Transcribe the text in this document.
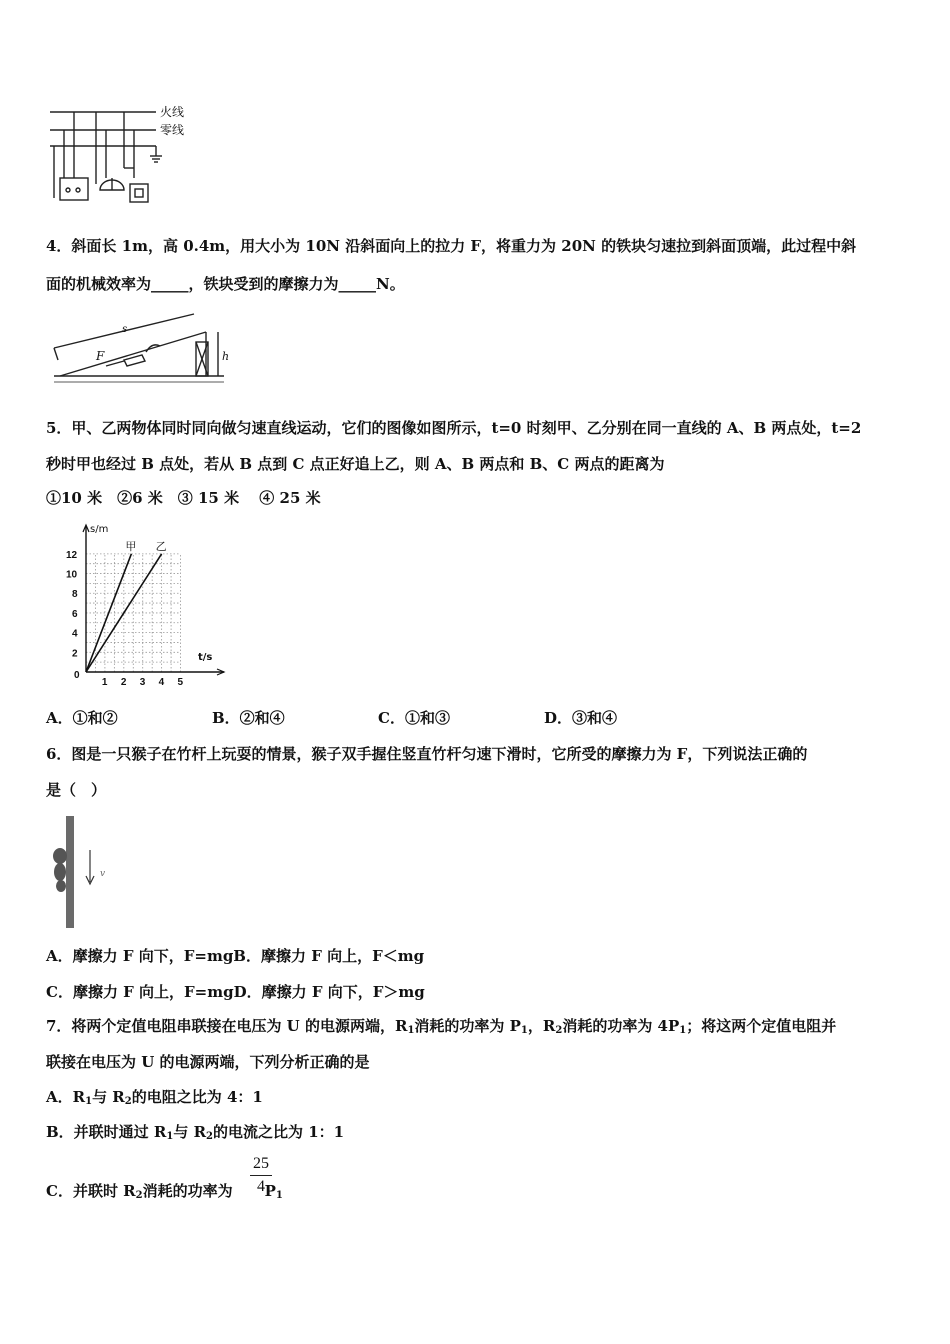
火线
零线
4．斜面长 1m，高 0.4m，用大小为 10N 沿斜面向上的拉力 F，将重力为 20N 的铁块匀速拉到斜面顶端，此过程中斜
面的机械效率为_____，铁块受到的摩擦力为_____N。
s
F	h
5．甲、乙两物体同时同向做匀速直线运动，它们的图像如图所示，t=0 时刻甲、乙分别在同一直线的 A、B 两点处，t=2
秒时甲也经过 B 点处，若从 B 点到 C 点正好追上乙，则 A、B 两点和 B、C 两点的距离为
①10 米　②6 米　③ 15 米　 ④ 25 米
1 2 3 4 5
2
4
6
8
10
12
0
s/m
t/s
甲 乙
A．①和②	B．②和④	C．①和③	D．③和④
6．图是一只猴子在竹杆上玩耍的情景，猴子双手握住竖直竹杆匀速下滑时，它所受的摩擦力为 F，下列说法正确的
是（　）
v
A．摩擦力 F 向下，F=mgB．摩擦力 F 向上，F＜mg
C．摩擦力 F 向上，F=mgD．摩擦力 F 向下，F＞mg
7．将两个定值电阻串联接在电压为 U 的电源两端，$R_1$消耗的功率为 $P_1$，$R_2$消耗的功率为 $4P_1$；将这两个定值电阻并
联接在电压为 U 的电源两端，下列分析正确的是
A．$R_1$与 $R_2$的电阻之比为 4：1
B．并联时通过 $R_1$与 $R_2$的电流之比为 1：1
C．并联时 $R_2$消耗的功率为 $P_1$
25
4
